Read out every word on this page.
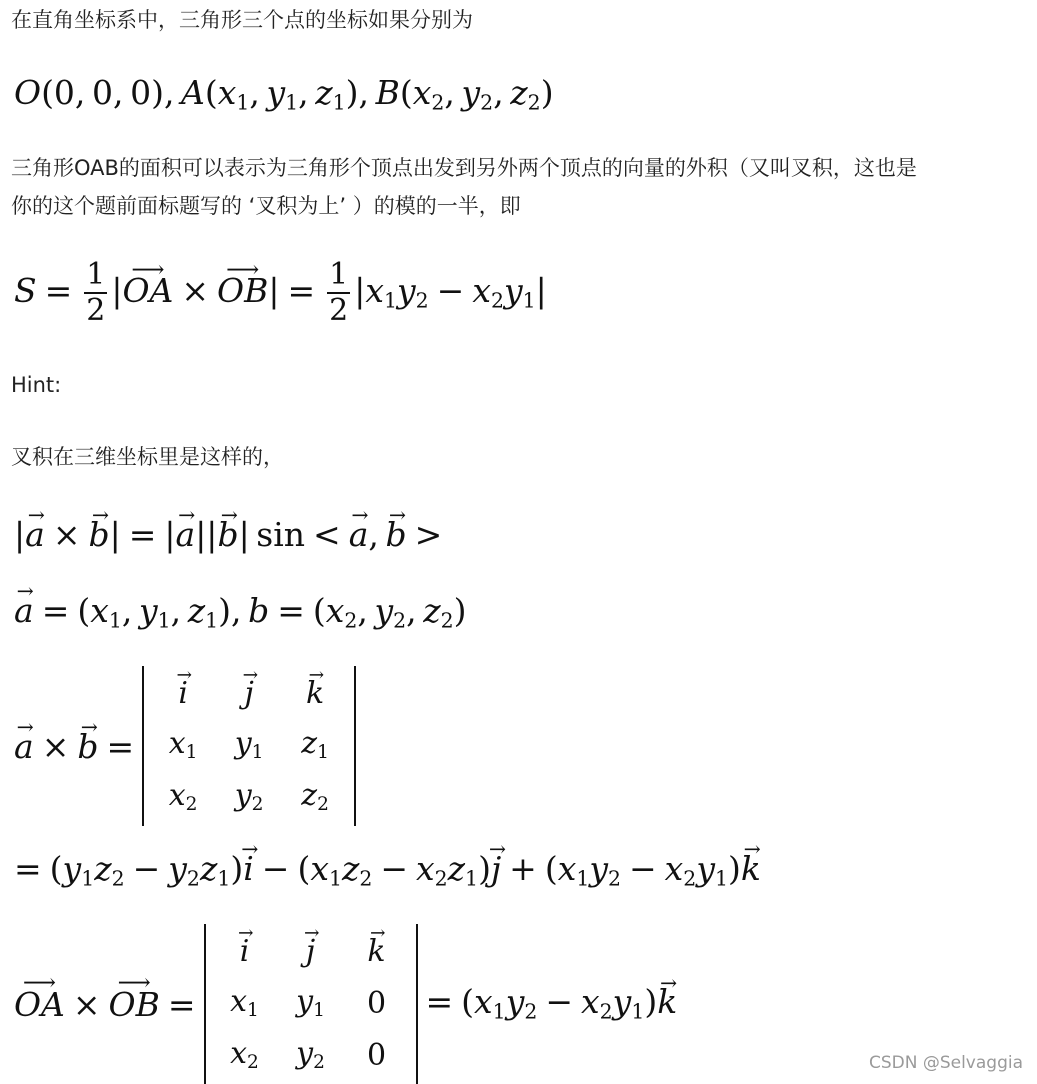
在直角坐标系中，三角形三个点的坐标如果分别为
O(0, 0, 0), $A(x_1$, $y_1$, $z_1$), $B(x_2$, $y_2$, $z_2$)
三角形OAB的面积可以表示为三角形个顶点出发到另外两个顶点的向量的外积（又叫叉积，这也是
你的这个题前面标题写的 ‘叉积为上’ ）的模的一半，即
$S = \frac{1}{2}$ |⟶ OA × ⟶ $OB| = \frac{1}{2} |x_1y_2 - x_2y_1|$
Hint:
叉积在三维坐标里是这样的，
|→ a × → b| = |→ a||→ b| sin < → a, → b >
→ $a = (x_1$, $y_1$, $z_1$), $b = (x_2$, $y_2$, $z_2$)
→ a × → b =
→ i	→ j	→ k
$x_1$	$y_1$	$z_1$
$x_2$	$y_2$	$z_2$
= $(y_1z_2 - y_2z_1)\to i - (x_1z_2 - x_2z_1)\to j + (x_1y_2 - x_2y_1)\to k$
⟶ OA × ⟶ OB =
→ i	→ j	→ k
$x_1$	$y_1$	0
$x_2$	$y_2$	0
= $(x_1y_2 - x_2y_1)\to k$
CSDN @Selvaggia
